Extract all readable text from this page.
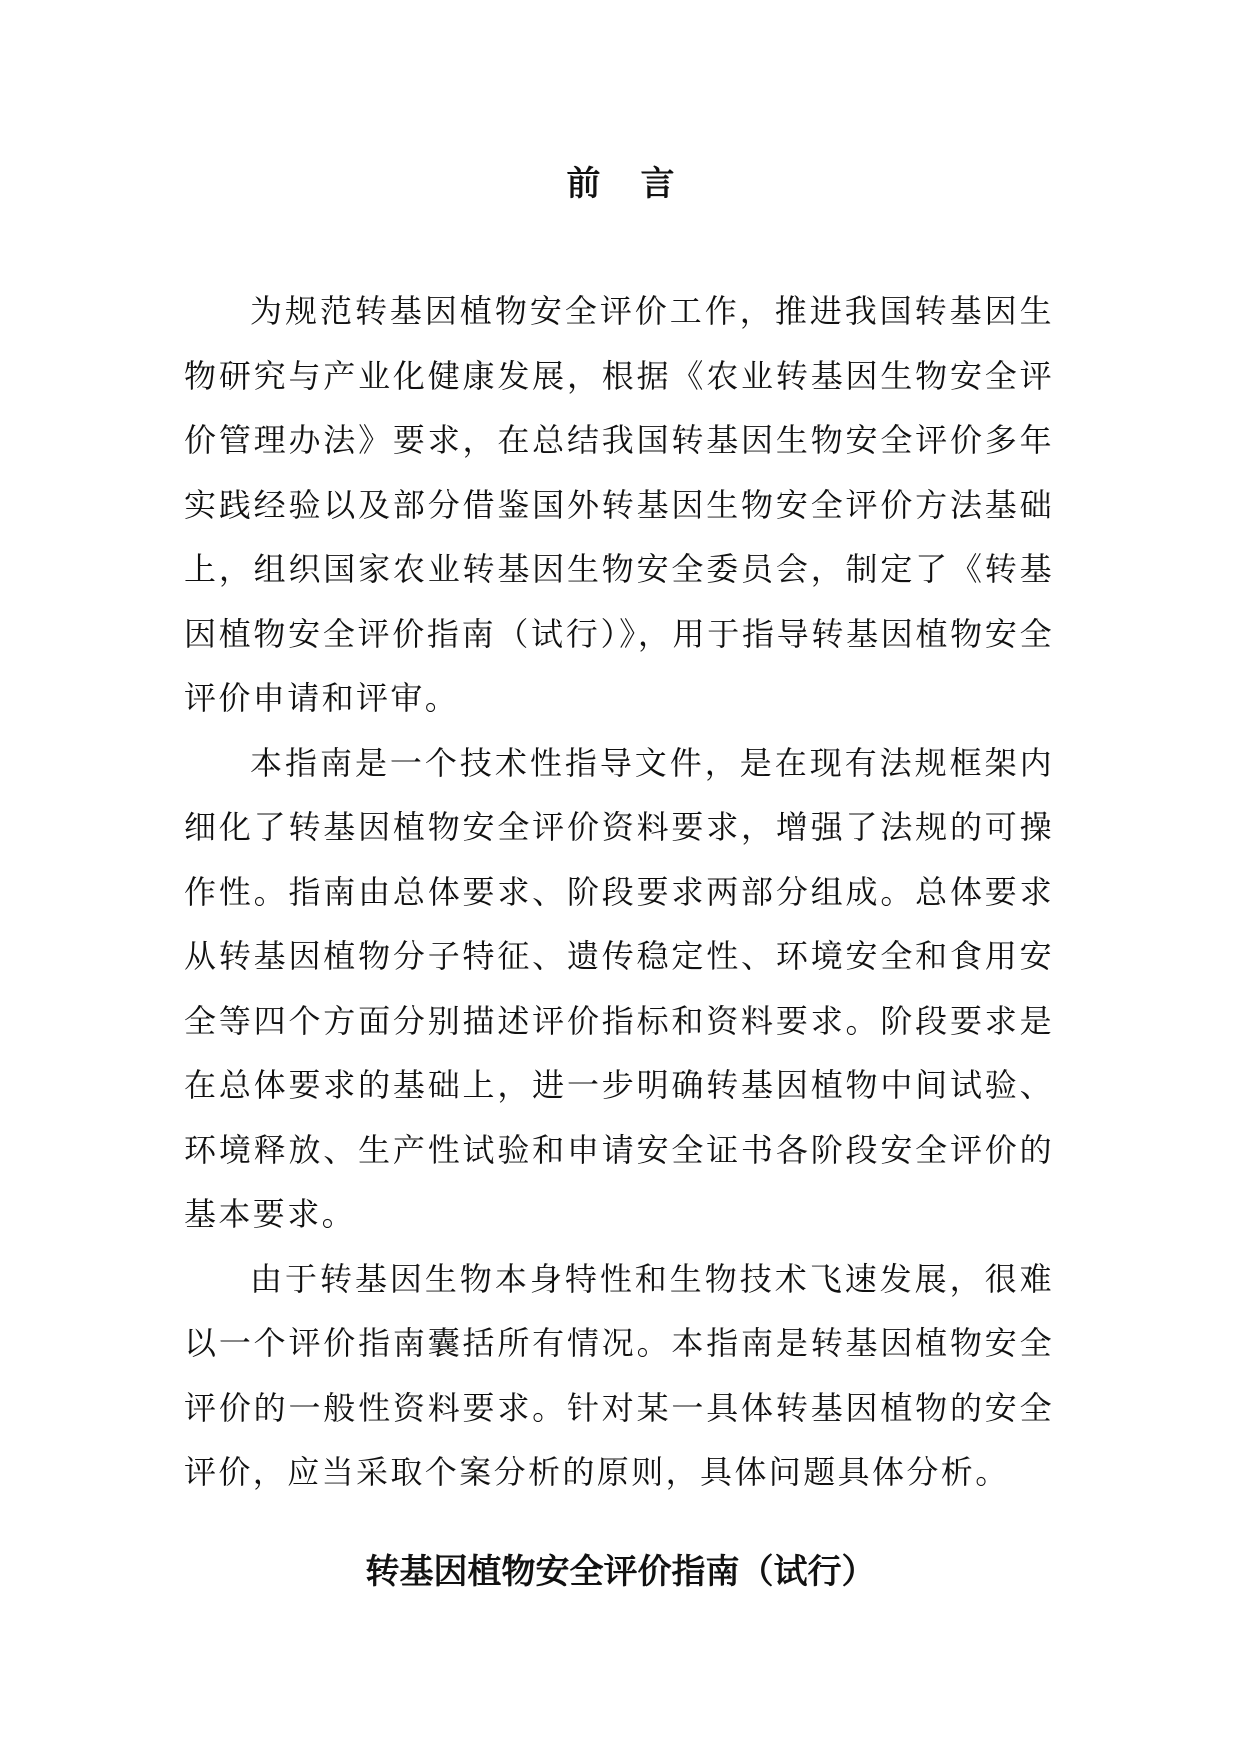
前言

为规范转基因植物安全评价工作，推进我国转基因生物研究与产业化健康发展，根据《农业转基因生物安全评价管理办法》要求，在总结我国转基因生物安全评价多年实践经验以及部分借鉴国外转基因生物安全评价方法基础上，组织国家农业转基因生物安全委员会，制定了《转基因植物安全评价指南（试行）》，用于指导转基因植物安全评价申请和评审。

本指南是一个技术性指导文件，是在现有法规框架内细化了转基因植物安全评价资料要求，增强了法规的可操作性。指南由总体要求、阶段要求两部分组成。总体要求从转基因植物分子特征、遗传稳定性、环境安全和食用安全等四个方面分别描述评价指标和资料要求。阶段要求是在总体要求的基础上，进一步明确转基因植物中间试验、环境释放、生产性试验和申请安全证书各阶段安全评价的基本要求。

由于转基因生物本身特性和生物技术飞速发展，很难以一个评价指南囊括所有情况。本指南是转基因植物安全评价的一般性资料要求。针对某一具体转基因植物的安全评价，应当采取个案分析的原则，具体问题具体分析。

转基因植物安全评价指南（试行）
